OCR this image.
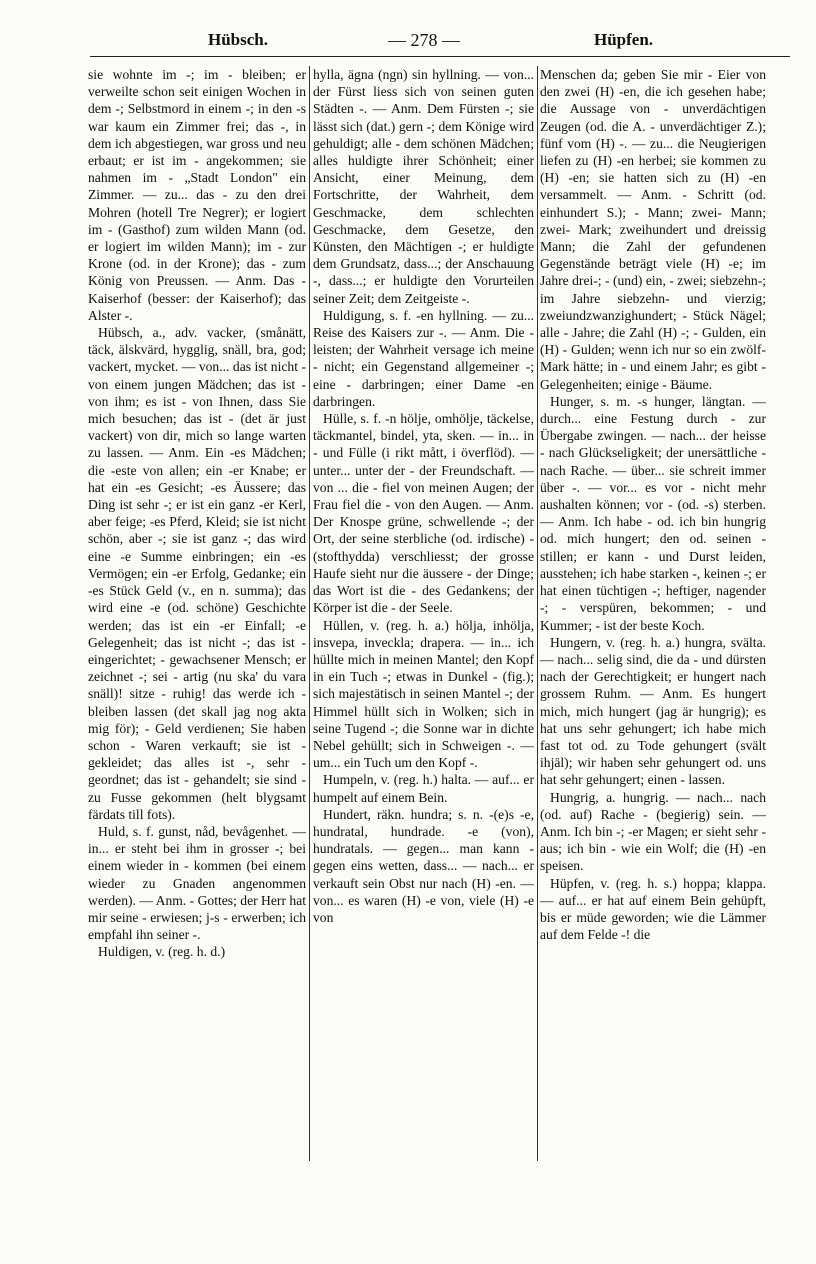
Hübsch.	— 278 —	Hüpfen.

sie wohnte im -; im - bleiben; er verweilte schon seit einigen Wochen in dem -; Selbstmord in einem -; in den -s war kaum ein Zimmer frei; das -, in dem ich abgestiegen, war gross und neu erbaut; er ist im - angekommen; sie nahmen im - „Stadt London" ein Zimmer. — zu... das - zu den drei Mohren (hotell Tre Negrer); er logiert im - (Gasthof) zum wilden Mann (od. er logiert im wilden Mann); im - zur Krone (od. in der Krone); das - zum König von Preussen. — Anm. Das - Kaiserhof (besser: der Kaiserhof); das Alster -.

Hübsch, a., adv. vacker, (smånätt, täck, älskvärd, hygglig, snäll, bra, god; vackert, mycket. — von... das ist nicht - von einem jungen Mädchen; das ist - von ihm; es ist - von Ihnen, dass Sie mich besuchen; das ist - (det är just vackert) von dir, mich so lange warten zu lassen. — Anm. Ein -es Mädchen; die -este von allen; ein -er Knabe; er hat ein -es Gesicht; -es Äussere; das Ding ist sehr -; er ist ein ganz -er Kerl, aber feige; -es Pferd, Kleid; sie ist nicht schön, aber -; sie ist ganz -; das wird eine -e Summe einbringen; ein -es Vermögen; ein -er Erfolg, Gedanke; ein -es Stück Geld (v., en n. summa); das wird eine -e (od. schöne) Geschichte werden; das ist ein -er Einfall; -e Gelegenheit; das ist nicht -; das ist - eingerichtet; - gewachsener Mensch; er zeichnet -; sei - artig (nu ska' du vara snäll)! sitze - ruhig! das werde ich - bleiben lassen (det skall jag nog akta mig för); - Geld verdienen; Sie haben schon - Waren verkauft; sie ist - gekleidet; das alles ist -, sehr - geordnet; das ist - gehandelt; sie sind - zu Fusse gekommen (helt blygsamt färdats till fots).

Huld, s. f. gunst, nåd, bevågenhet. — in... er steht bei ihm in grosser -; bei einem wieder in - kommen (bei einem wieder zu Gnaden angenommen werden). — Anm. - Gottes; der Herr hat mir seine - erwiesen; j-s - erwerben; ich empfahl ihn seiner -.

Huldigen, v. (reg. h. d.)

hylla, ägna (ngn) sin hyllning. — von... der Fürst liess sich von seinen guten Städten -. — Anm. Dem Fürsten -; sie lässt sich (dat.) gern -; dem Könige wird gehuldigt; alle - dem schönen Mädchen; alles huldigte ihrer Schönheit; einer Ansicht, einer Meinung, dem Fortschritte, der Wahrheit, dem Geschmacke, dem schlechten Geschmacke, dem Gesetze, den Künsten, den Mächtigen -; er huldigte dem Grundsatz, dass...; der Anschauung -, dass...; er huldigte den Vorurteilen seiner Zeit; dem Zeitgeiste -.

Huldigung, s. f. -en hyllning. — zu... Reise des Kaisers zur -. — Anm. Die - leisten; der Wahrheit versage ich meine - nicht; ein Gegenstand allgemeiner -; eine - darbringen; einer Dame -en darbringen.

Hülle, s. f. -n hölje, omhölje, täckelse, täckmantel, bindel, yta, sken. — in... in - und Fülle (i rikt mått, i överflöd). — unter... unter der - der Freundschaft. — von ... die - fiel von meinen Augen; der Frau fiel die - von den Augen. — Anm. Der Knospe grüne, schwellende -; der Ort, der seine sterbliche (od. irdische) - (stofthydda) verschliesst; der grosse Haufe sieht nur die äussere - der Dinge; das Wort ist die - des Gedankens; der Körper ist die - der Seele.

Hüllen, v. (reg. h. a.) hölja, inhölja, insvepa, inveckla; drapera. — in... ich hüllte mich in meinen Mantel; den Kopf in ein Tuch -; etwas in Dunkel - (fig.); sich majestätisch in seinen Mantel -; der Himmel hüllt sich in Wolken; sich in seine Tugend -; die Sonne war in dichte Nebel gehüllt; sich in Schweigen -. — um... ein Tuch um den Kopf -.

Humpeln, v. (reg. h.) halta. — auf... er humpelt auf einem Bein.

Hundert, räkn. hundra; s. n. -(e)s -e, hundratal, hundrade. -e (von), hundratals. — gegen... man kann - gegen eins wetten, dass... — nach... er verkauft sein Obst nur nach (H) -en. — von... es waren (H) -e von, viele (H) -e von

Menschen da; geben Sie mir - Eier von den zwei (H) -en, die ich gesehen habe; die Aussage von - unverdächtigen Zeugen (od. die A. - unverdächtiger Z.); fünf vom (H) -. — zu... die Neugierigen liefen zu (H) -en herbei; sie kommen zu (H) -en; sie hatten sich zu (H) -en versammelt. — Anm. - Schritt (od. einhundert S.); - Mann; zwei- Mann; zwei- Mark; zweihundert und dreissig Mann; die Zahl der gefundenen Gegenstände beträgt viele (H) -e; im Jahre drei-; - (und) ein, - zwei; siebzehn-; im Jahre siebzehn- und vierzig; zweiundzwanzighundert; - Stück Nägel; alle - Jahre; die Zahl (H) -; - Gulden, ein (H) - Gulden; wenn ich nur so ein zwölf- Mark hätte; in - und einem Jahr; es gibt - Gelegenheiten; einige - Bäume.

Hunger, s. m. -s hunger, längtan. — durch... eine Festung durch - zur Übergabe zwingen. — nach... der heisse - nach Glückseligkeit; der unersättliche - nach Rache. — über... sie schreit immer über -. — vor... es vor - nicht mehr aushalten können; vor - (od. -s) sterben. — Anm. Ich habe - od. ich bin hungrig od. mich hungert; den od. seinen - stillen; er kann - und Durst leiden, ausstehen; ich habe starken -, keinen -; er hat einen tüchtigen -; heftiger, nagender -; - verspüren, bekommen; - und Kummer; - ist der beste Koch.

Hungern, v. (reg. h. a.) hungra, svälta. — nach... selig sind, die da - und dürsten nach der Gerechtigkeit; er hungert nach grossem Ruhm. — Anm. Es hungert mich, mich hungert (jag är hungrig); es hat uns sehr gehungert; ich habe mich fast tot od. zu Tode gehungert (svält ihjäl); wir haben sehr gehungert od. uns hat sehr gehungert; einen - lassen.

Hungrig, a. hungrig. — nach... nach (od. auf) Rache - (begierig) sein. — Anm. Ich bin -; -er Magen; er sieht sehr - aus; ich bin - wie ein Wolf; die (H) -en speisen.

Hüpfen, v. (reg. h. s.) hoppa; klappa. — auf... er hat auf einem Bein gehüpft, bis er müde geworden; wie die Lämmer auf dem Felde -! die
